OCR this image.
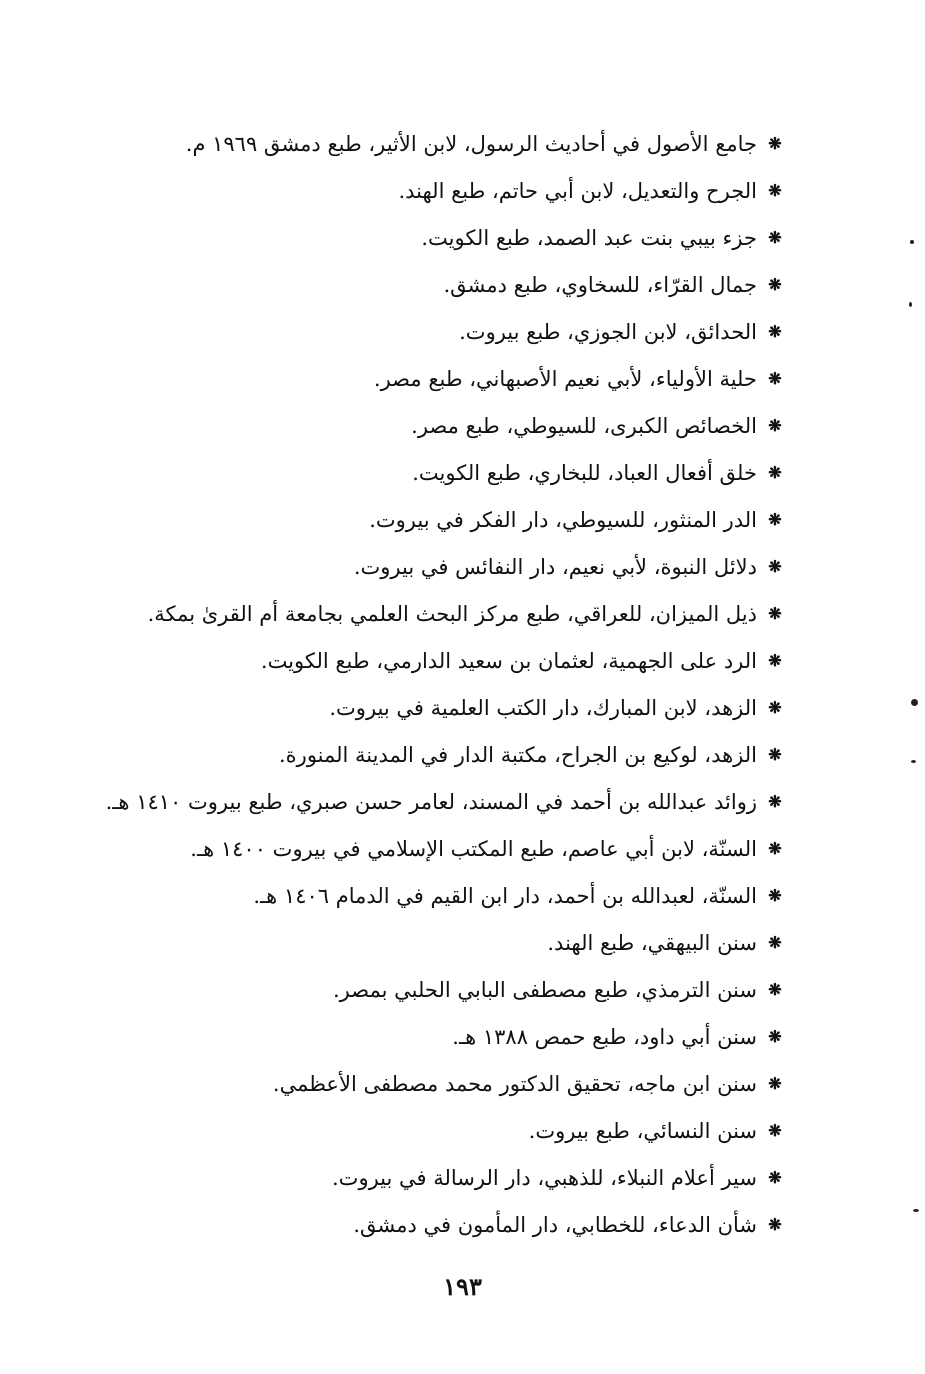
❋
جامع الأصول في أحاديث الرسول، لابن الأثير، طبع دمشق ١٩٦٩ م.
❋
الجرح والتعديل، لابن أبي حاتم، طبع الهند.
❋
جزء بيبي بنت عبد الصمد، طبع الكويت.
❋
جمال القرّاء، للسخاوي، طبع دمشق.
❋
الحدائق، لابن الجوزي، طبع بيروت.
❋
حلية الأولياء، لأبي نعيم الأصبهاني، طبع مصر.
❋
الخصائص الكبرى، للسيوطي، طبع مصر.
❋
خلق أفعال العباد، للبخاري، طبع الكويت.
❋
الدر المنثور، للسيوطي، دار الفكر في بيروت.
❋
دلائل النبوة، لأبي نعيم، دار النفائس في بيروت.
❋
ذيل الميزان، للعراقي، طبع مركز البحث العلمي بجامعة أم القرىٰ بمكة.
❋
الرد على الجهمية، لعثمان بن سعيد الدارمي، طبع الكويت.
❋
الزهد، لابن المبارك، دار الكتب العلمية في بيروت.
❋
الزهد، لوكيع بن الجراح، مكتبة الدار في المدينة المنورة.
❋
زوائد عبدالله بن أحمد في المسند، لعامر حسن صبري، طبع بيروت ١٤١٠ هـ.
❋
السنّة، لابن أبي عاصم، طبع المكتب الإسلامي في بيروت ١٤٠٠ هـ.
❋
السنّة، لعبدالله بن أحمد، دار ابن القيم في الدمام ١٤٠٦ هـ.
❋
سنن البيهقي، طبع الهند.
❋
سنن الترمذي، طبع مصطفى البابي الحلبي بمصر.
❋
سنن أبي داود، طبع حمص ١٣٨٨ هـ.
❋
سنن ابن ماجه، تحقيق الدكتور محمد مصطفى الأعظمي.
❋
سنن النسائي، طبع بيروت.
❋
سير أعلام النبلاء، للذهبي، دار الرسالة في بيروت.
❋
شأن الدعاء، للخطابي، دار المأمون في دمشق.
١٩٣
